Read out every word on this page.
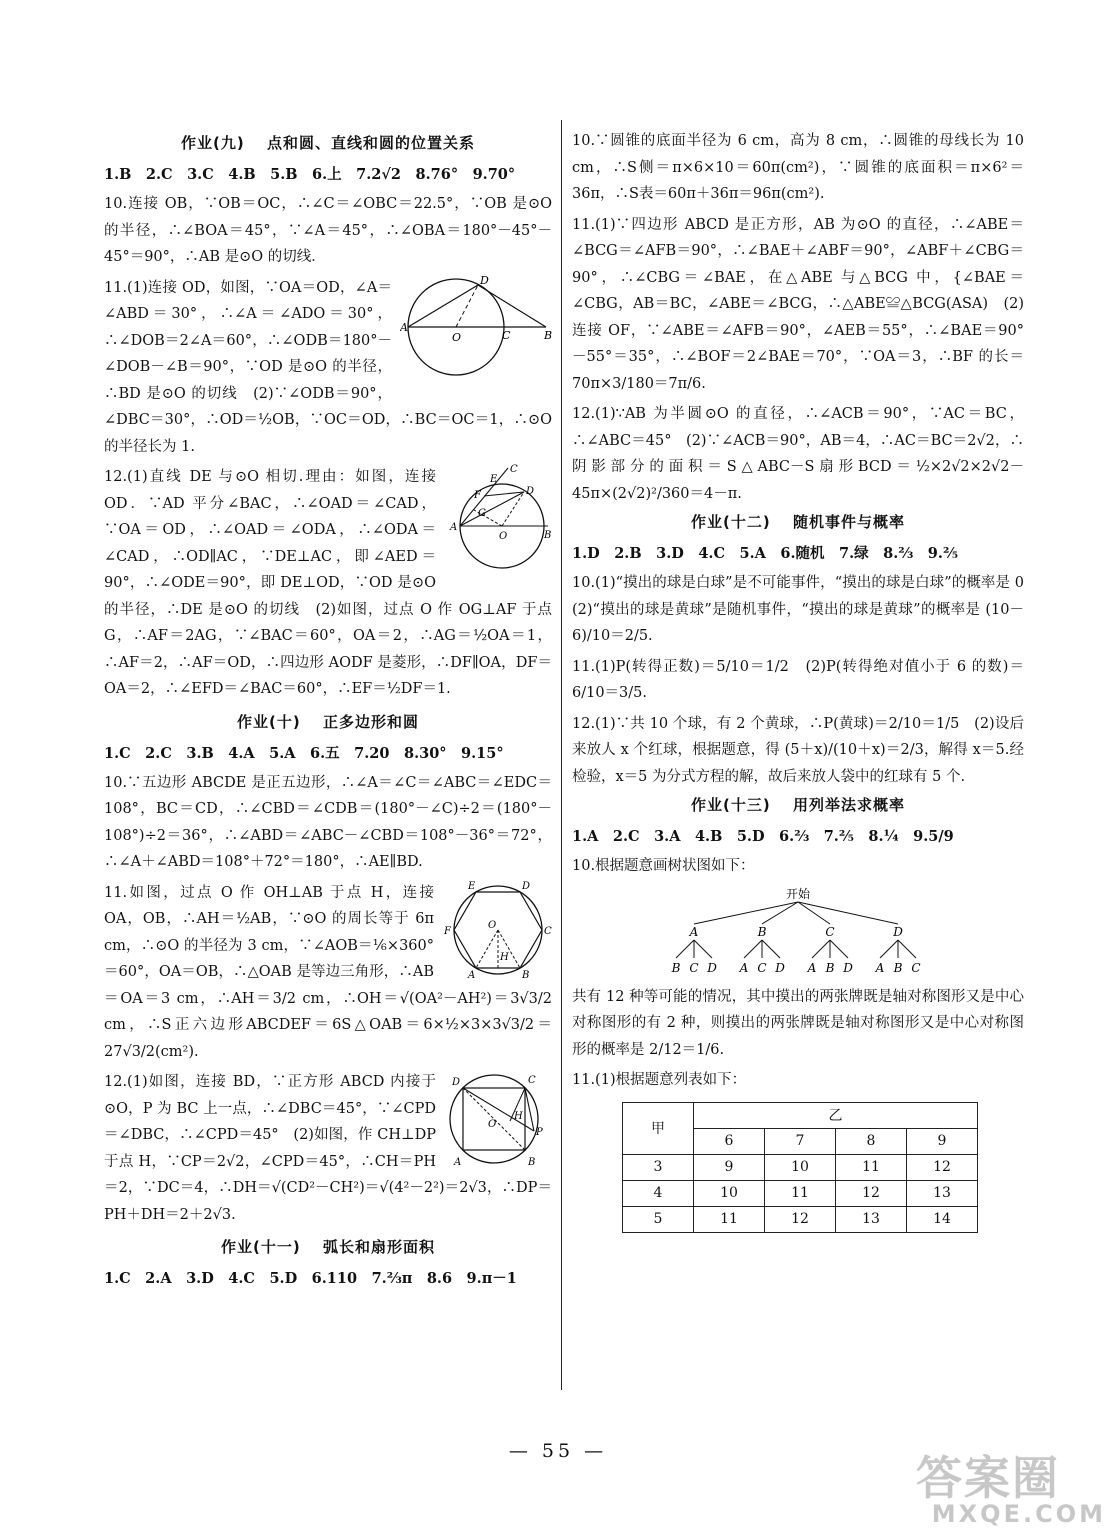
作业(九) 点和圆、直线和圆的位置关系
1.B　2.C　3.C　4.B　5.B　6.上　7.2√2　8.76°　9.70°
10.连接 OB，∵OB＝OC，∴∠C＝∠OBC＝22.5°，∵OB 是⊙O 的半径，∴∠BOA＝45°，∵∠A＝45°，∴∠OBA＝180°－45°－45°＝90°，∴AB 是⊙O 的切线．
A
D
O	C	B
11.(1)连接 OD，如图，∵OA＝OD，∠A＝∠ABD＝30°，∴∠A＝∠ADO＝30°，∴∠DOB＝2∠A＝60°，∴∠ODB＝180°－∠DOB－∠B＝90°，∵OD 是⊙O 的半径，∴BD 是⊙O 的切线　(2)∵∠ODB＝90°，∠DBC＝30°，∴OD＝½OB，∵OC＝OD，∴BC＝OC＝1，∴⊙O 的半径长为 1.
E
C
F
G
D
A
O	B
12.(1)直线 DE 与⊙O 相切.理由：如图，连接 OD．∵AD 平分∠BAC，∴∠OAD＝∠CAD，∵OA＝OD，∴∠OAD＝∠ODA，∴∠ODA＝∠CAD，∴OD∥AC，∵DE⊥AC，即∠AED＝90°，∴∠ODE＝90°，即 DE⊥OD，∵OD 是⊙O 的半径，∴DE 是⊙O 的切线　(2)如图，过点 O 作 OG⊥AF 于点 G，∴AF＝2AG，∵∠BAC＝60°，OA＝2，∴AG＝½OA＝1，∴AF＝2，∴AF＝OD，∴四边形 AODF 是菱形，∴DF∥OA，DF＝OA＝2，∴∠EFD＝∠BAC＝60°，∴EF＝½DF＝1.
作业(十) 正多边形和圆
1.C　2.C　3.B　4.A　5.A　6.五　7.20　8.30°　9.15°
10.∵五边形 ABCDE 是正五边形，∴∠A＝∠C＝∠ABC＝∠EDC＝108°，BC＝CD，∴∠CBD＝∠CDB＝(180°－∠C)÷2＝(180°－108°)÷2＝36°，∴∠ABD＝∠ABC－∠CBD＝108°－36°＝72°，∴∠A＋∠ABD＝108°＋72°＝180°，∴AE∥BD.
E	D
F	C
O
H
A	B
11.如图，过点 O 作 OH⊥AB 于点 H，连接 OA，OB，∴AH＝½AB，∵⊙O 的周长等于 6π cm，∴⊙O 的半径为 3 cm，∵∠AOB＝⅙×360°＝60°，OA＝OB，∴△OAB 是等边三角形，∴AB＝OA＝3 cm，∴AH＝3/2 cm，∴OH＝√(OA²－AH²)＝3√3/2 cm，∴S正六边形ABCDEF＝6S△OAB＝6×½×3×3√3/2＝27√3/2(cm²).
D	C
P
H
O
A	B
12.(1)如图，连接 BD，∵正方形 ABCD 内接于⊙O，P 为 BC 上一点，∴∠DBC＝45°，∵∠CPD＝∠DBC，∴∠CPD＝45°　(2)如图，作 CH⊥DP 于点 H，∵CP＝2√2，∠CPD＝45°，∴CH＝PH＝2，∵DC＝4，∴DH＝√(CD²－CH²)＝√(4²－2²)＝2√3，∴DP＝PH＋DH＝2＋2√3.
作业(十一) 弧长和扇形面积
1.C　2.A　3.D　4.C　5.D　6.110　7.⅔π　8.6　9.π－1
10.∵圆锥的底面半径为 6 cm，高为 8 cm，∴圆锥的母线长为 10 cm，∴S侧＝π×6×10＝60π(cm²)，∵圆锥的底面积＝π×6²＝36π，∴S表＝60π＋36π＝96π(cm²).
11.(1)∵四边形 ABCD 是正方形，AB 为⊙O 的直径，∴∠ABE＝∠BCG＝∠AFB＝90°，∴∠BAE＋∠ABF＝90°，∠ABF＋∠CBG＝90°，∴∠CBG＝∠BAE，在△ABE 与△BCG 中，{∠BAE＝∠CBG，AB＝BC，∠ABE＝∠BCG，∴△ABE≌△BCG(ASA)　(2)连接 OF，∵∠ABE＝∠AFB＝90°，∠AEB＝55°，∴∠BAE＝90°－55°＝35°，∴∠BOF＝2∠BAE＝70°，∵OA＝3，∴BF 的长＝70π×3/180＝7π/6.
12.(1)∵AB 为半圆⊙O 的直径，∴∠ACB＝90°，∵AC＝BC，∴∠ABC＝45°　(2)∵∠ACB＝90°，AB＝4，∴AC＝BC＝2√2，∴阴影部分的面积＝S△ABC－S扇形BCD＝½×2√2×2√2－45π×(2√2)²/360＝4－π.
作业(十二) 随机事件与概率
1.D　2.B　3.D　4.C　5.A　6.随机　7.绿　8.⅔　9.⅖
10.(1)“摸出的球是白球”是不可能事件，“摸出的球是白球”的概率是 0　(2)“摸出的球是黄球”是随机事件，“摸出的球是黄球”的概率是 (10－6)/10＝2/5.
11.(1)P(转得正数)＝5/10＝1/2　(2)P(转得绝对值小于 6 的数)＝6/10＝3/5.
12.(1)∵共 10 个球，有 2 个黄球，∴P(黄球)＝2/10＝1/5　(2)设后来放人 x 个红球，根据题意，得 (5＋x)/(10＋x)＝2/3，解得 x＝5.经检验，x＝5 为分式方程的解，故后来放人袋中的红球有 5 个.
作业(十三) 用列举法求概率
1.A　2.C　3.A　4.B　5.D　6.⅔　7.⅖　8.¼　9.5/9
10.根据题意画树状图如下：
开始
A	B	C	D
B C D A C D A B D A B C
共有 12 种等可能的情况，其中摸出的两张牌既是轴对称图形又是中心对称图形的有 2 种，则摸出的两张牌既是轴对称图形又是中心对称图形的概率是 2/12＝1/6.
11.(1)根据题意列表如下：
甲	乙			
	6	7	8	9
3	9	10	11	12
4	10	11	12	13
5	11	12	13	14
— 55 —	答案圈
MXQE.COM
